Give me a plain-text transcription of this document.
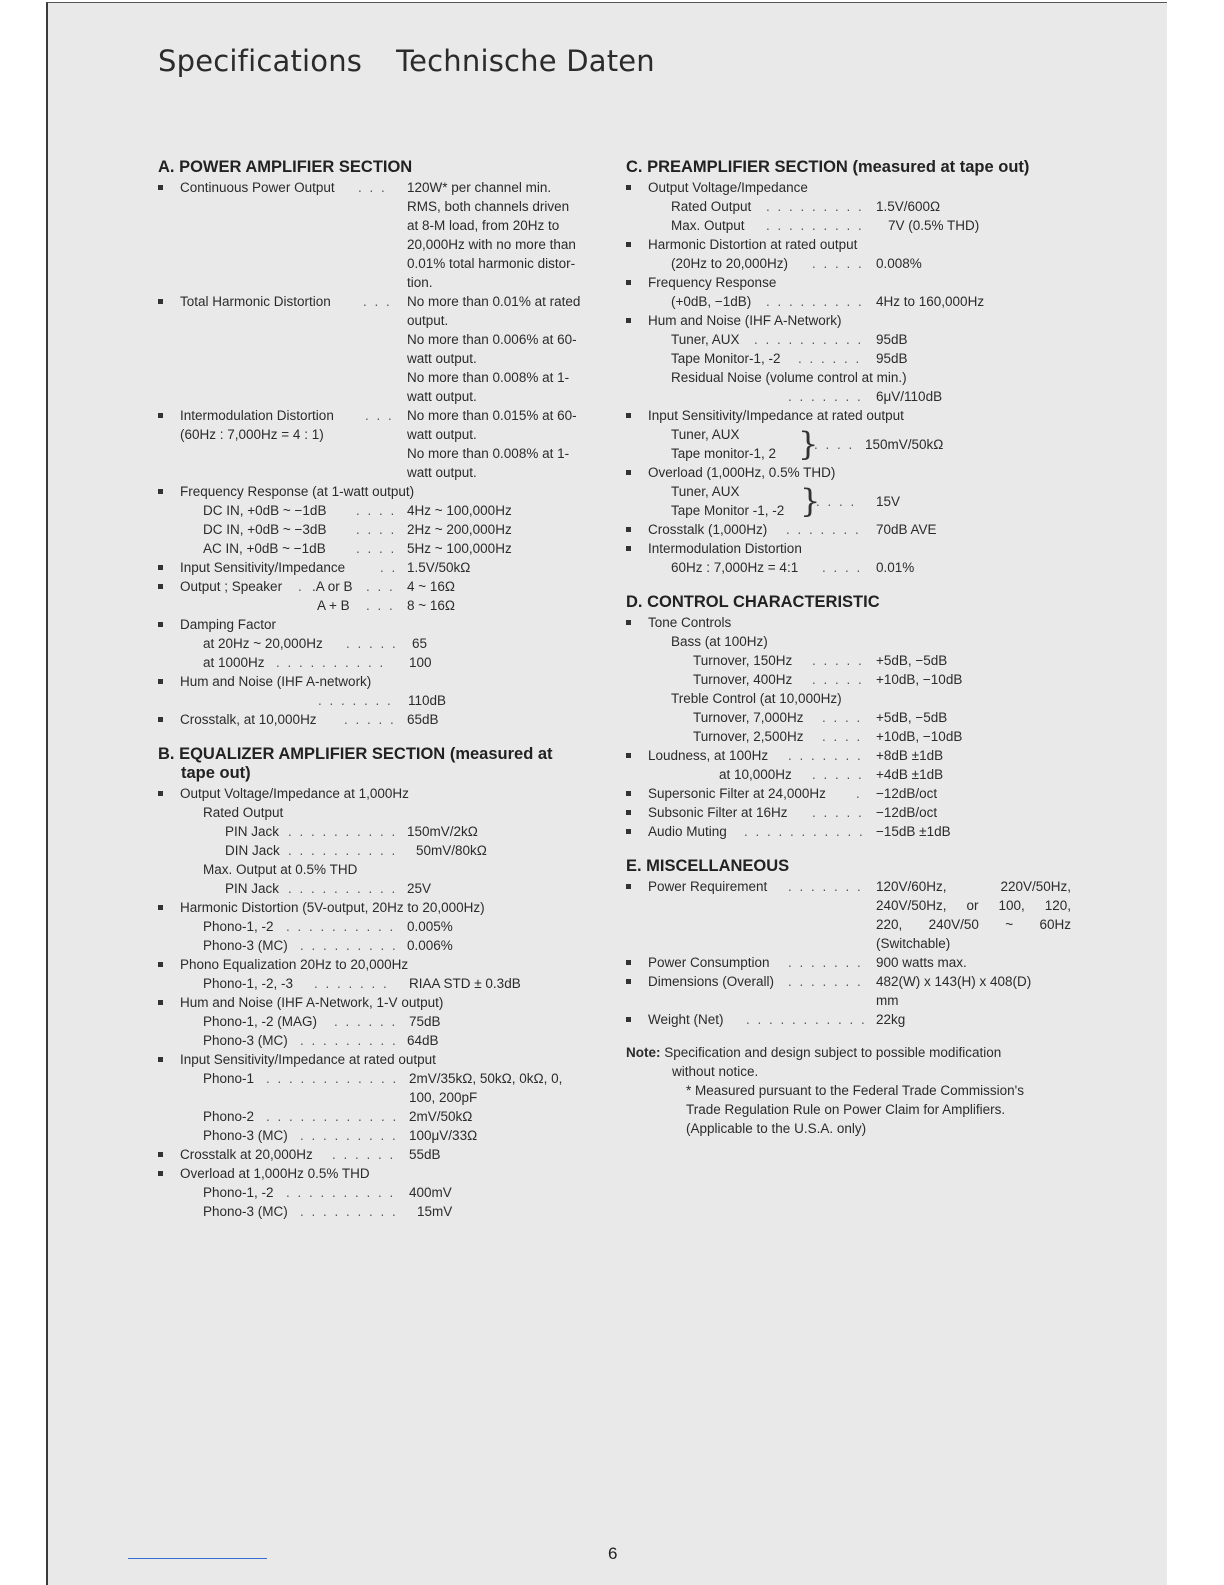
Specifications Technische Daten
A. POWER AMPLIFIER SECTION
Continuous Power Output . . .	120W* per channel min.
RMS, both channels driven
at 8-M load, from 20Hz to
20,000Hz with no more than
0.01% total harmonic distor-
tion.
Total Harmonic Distortion . . .	No more than 0.01% at rated
output.
No more than 0.006% at 60-
watt output.
No more than 0.008% at 1-
watt output.
Intermodulation Distortion
(60Hz : 7,000Hz = 4 : 1)
. . . No more than 0.015% at 60-
watt output.
No more than 0.008% at 1-
watt output.
Frequency Response (at 1-watt output)
DC IN, +0dB ~ −1dB . . . . 4Hz ~ 100,000Hz
DC IN, +0dB ~ −3dB . . . . 2Hz ~ 200,000Hz
AC IN, +0dB ~ −1dB . . . . 5Hz ~ 100,000Hz
Input Sensitivity/Impedance	. . 1.5V/50kΩ
Output ; Speaker . .A or B . . . 4 ~ 16Ω
A + B . . . 8 ~ 16Ω
Damping Factor
at 20Hz ~ 20,000Hz . . . . .	65
at 1000Hz . . . . . . . . . .	100
Hum and Noise (IHF A-network)
. . . . . . .	110dB
Crosstalk, at 10,000Hz . . . . . 65dB
B. EQUALIZER AMPLIFIER SECTION (measured at
tape out)
Output Voltage/Impedance at 1,000Hz
Rated Output
PIN Jack . . . . . . . . . . 150mV/2kΩ
DIN Jack . . . . . . . . . .	50mV/80kΩ
Max. Output at 0.5% THD
PIN Jack . . . . . . . . . . 25V
Harmonic Distortion (5V-output, 20Hz to 20,000Hz)
Phono-1, -2 . . . . . . . . . . 0.005%
Phono-3 (MC) . . . . . . . . . 0.006%
Phono Equalization 20Hz to 20,000Hz
Phono-1, -2, -3 . . . . . . .	RIAA STD ± 0.3dB
Hum and Noise (IHF A-Network, 1-V output)
Phono-1, -2 (MAG) . . . . . . 75dB
Phono-3 (MC) . . . . . . . . . 64dB
Input Sensitivity/Impedance at rated output
Phono-1 . . . . . . . . . . . . 2mV/35kΩ, 50kΩ, 0kΩ, 0,
100, 200pF
Phono-2 . . . . . . . . . . . . 2mV/50kΩ
Phono-3 (MC) . . . . . . . . . 100μV/33Ω
Crosstalk at 20,000Hz . . . . . .	55dB
Overload at 1,000Hz 0.5% THD
Phono-1, -2 . . . . . . . . . .	400mV
Phono-3 (MC) . . . . . . . . .	15mV
C. PREAMPLIFIER SECTION (measured at tape out)
Output Voltage/Impedance
Rated Output . . . . . . . . . 1.5V/600Ω
Max. Output . . . . . . . . .	7V (0.5% THD)
Harmonic Distortion at rated output
(20Hz to 20,000Hz) . . . . . 0.008%
Frequency Response
(+0dB, −1dB) . . . . . . . . . 4Hz to 160,000Hz
Hum and Noise (IHF A-Network)
Tuner, AUX . . . . . . . . . . 95dB
Tape Monitor-1, -2 . . . . . .	95dB
Residual Noise (volume control at min.)
. . . . . . . 6μV/110dB
Input Sensitivity/Impedance at rated output
Tuner, AUX
Tape monitor-1, 2 }
. . . . 150mV/50kΩ
Overload (1,000Hz, 0.5% THD)
Tuner, AUX
Tape Monitor -1, -2 }
. . . .	15V
Crosstalk (1,000Hz) . . . . . . .	70dB AVE
Intermodulation Distortion
60Hz : 7,000Hz = 4:1 . . . .	0.01%
D. CONTROL CHARACTERISTIC
Tone Controls
Bass (at 100Hz)
Turnover, 150Hz . . . . . +5dB, −5dB
Turnover, 400Hz . . . . . +10dB, −10dB
Treble Control (at 10,000Hz)
Turnover, 7,000Hz . . . .	+5dB, −5dB
Turnover, 2,500Hz . . . .	+10dB, −10dB
Loudness, at 100Hz . . . . . . . +8dB ±1dB
at 10,000Hz . . . . . +4dB ±1dB
Supersonic Filter at 24,000Hz .	−12dB/oct
Subsonic Filter at 16Hz . . . . . −12dB/oct
Audio Muting . . . . . . . . . . . −15dB ±1dB
E. MISCELLANEOUS
Power Requirement . . . . . . . 120V/60Hz, 220V/50Hz,
240V/50Hz, or 100, 120,
220, 240V/50 ~ 60Hz
(Switchable)
Power Consumption . . . . . . . 900 watts max.
Dimensions (Overall) . . . . . . . 482(W) x 143(H) x 408(D)
mm
Weight (Net) . . . . . . . . . . . 22kg
Note: Specification and design subject to possible modification
without notice.
* Measured pursuant to the Federal Trade Commission's
Trade Regulation Rule on Power Claim for Amplifiers.
(Applicable to the U.S.A. only)
6
